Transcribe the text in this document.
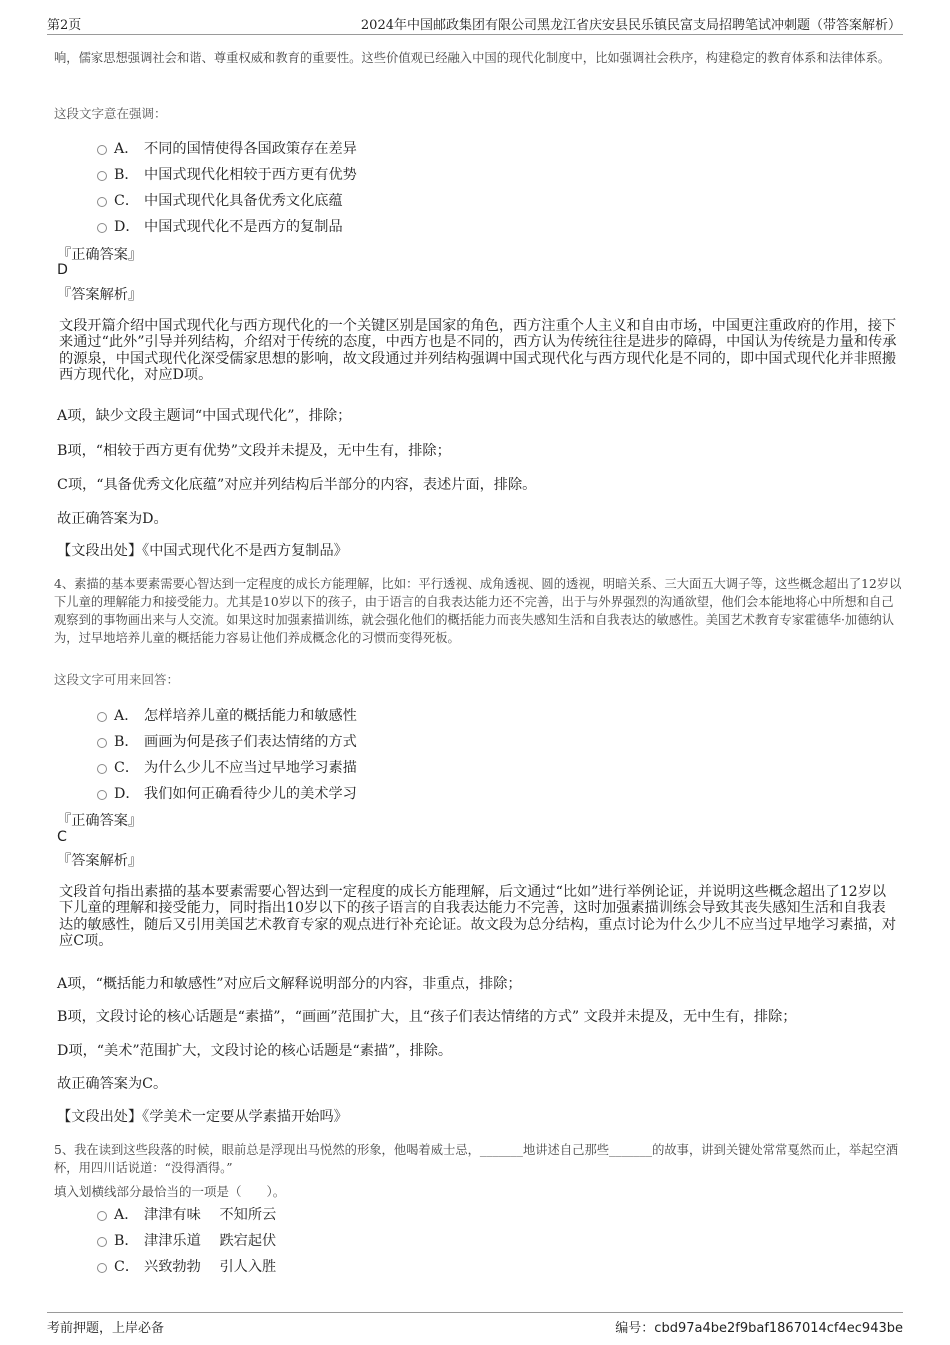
第2页	2024年中国邮政集团有限公司黑龙江省庆安县民乐镇民富支局招聘笔试冲刺题（带答案解析）

响，儒家思想强调社会和谐、尊重权威和教育的重要性。这些价值观已经融入中国的现代化制度中，比如强调社会秩序，构建稳定的教育体系和法律体系。

这段文字意在强调：

A． 不同的国情使得各国政策存在差异
B． 中国式现代化相较于西方更有优势
C． 中国式现代化具备优秀文化底蕴
D． 中国式现代化不是西方的复制品

『正确答案』

D

『答案解析』

文段开篇介绍中国式现代化与西方现代化的一个关键区别是国家的角色，西方注重个人主义和自由市场，中国更注重政府的作用，接下来通过“此外”引导并列结构，介绍对于传统的态度，中西方也是不同的，西方认为传统往往是进步的障碍，中国认为传统是力量和传承的源泉，中国式现代化深受儒家思想的影响，故文段通过并列结构强调中国式现代化与西方现代化是不同的，即中国式现代化并非照搬西方现代化，对应D项。

A项，缺少文段主题词“中国式现代化”，排除；

B项，“相较于西方更有优势”文段并未提及，无中生有，排除；

C项，“具备优秀文化底蕴”对应并列结构后半部分的内容，表述片面，排除。

故正确答案为D。

【文段出处】《中国式现代化不是西方复制品》

4、素描的基本要素需要心智达到一定程度的成长方能理解，比如：平行透视、成角透视、圆的透视，明暗关系、三大面五大调子等，这些概念超出了12岁以下儿童的理解能力和接受能力。尤其是10岁以下的孩子，由于语言的自我表达能力还不完善，出于与外界强烈的沟通欲望，他们会本能地将心中所想和自己观察到的事物画出来与人交流。如果这时加强素描训练，就会强化他们的概括能力而丧失感知生活和自我表达的敏感性。美国艺术教育专家霍德华·加德纳认为，过早地培养儿童的概括能力容易让他们养成概念化的习惯而变得死板。

这段文字可用来回答：

A． 怎样培养儿童的概括能力和敏感性
B． 画画为何是孩子们表达情绪的方式
C． 为什么少儿不应当过早地学习素描
D． 我们如何正确看待少儿的美术学习

『正确答案』

C

『答案解析』

文段首句指出素描的基本要素需要心智达到一定程度的成长方能理解，后文通过“比如”进行举例论证，并说明这些概念超出了12岁以下儿童的理解和接受能力，同时指出10岁以下的孩子语言的自我表达能力不完善，这时加强素描训练会导致其丧失感知生活和自我表达的敏感性，随后又引用美国艺术教育专家的观点进行补充论证。故文段为总分结构，重点讨论为什么少儿不应当过早地学习素描，对应C项。

A项，“概括能力和敏感性”对应后文解释说明部分的内容，非重点，排除；

B项，文段讨论的核心话题是“素描”，“画画”范围扩大，且“孩子们表达情绪的方式” 文段并未提及，无中生有，排除；

D项，“美术”范围扩大，文段讨论的核心话题是“素描”，排除。

故正确答案为C。

【文段出处】《学美术一定要从学素描开始吗》

5、我在读到这些段落的时候，眼前总是浮现出马悦然的形象，他喝着威士忌，_______地讲述自己那些_______的故事，讲到关键处常常戛然而止，举起空酒杯，用四川话说道：“没得酒得。”

填入划横线部分最恰当的一项是（　　）。

A． 津津有味　 不知所云
B． 津津乐道　 跌宕起伏
C． 兴致勃勃　 引人入胜
考前押题，上岸必备	编号：cbd97a4be2f9baf1867014cf4ec943be
